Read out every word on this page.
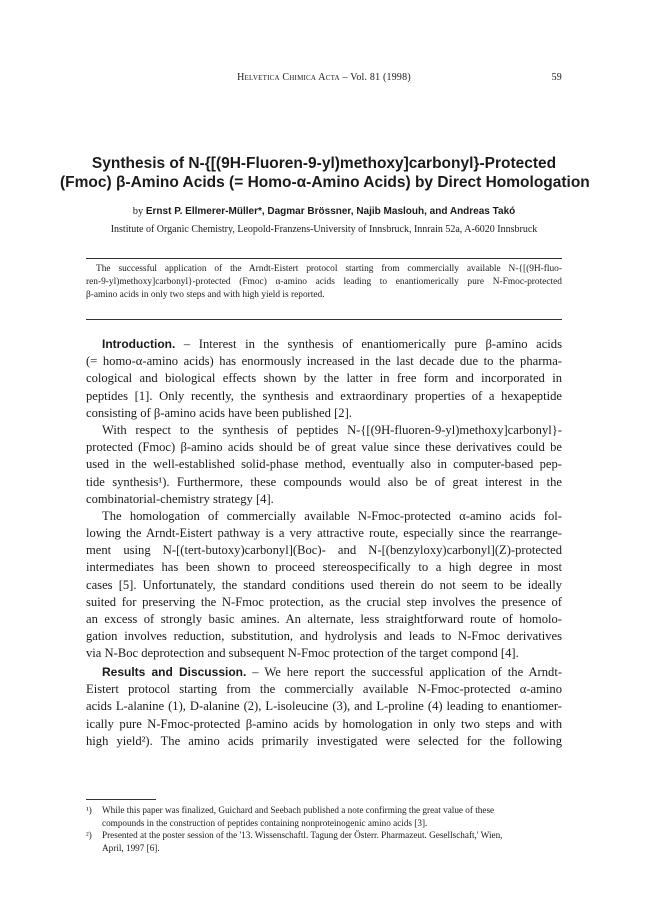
Helvetica Chimica Acta – Vol. 81 (1998)	59
Synthesis of N-{[(9H-Fluoren-9-yl)methoxy]carbonyl}-Protected
(Fmoc) β-Amino Acids (= Homo-α-Amino Acids) by Direct Homologation
by Ernst P. Ellmerer-Müller*, Dagmar Brössner, Najib Maslouh, and Andreas Takó
Institute of Organic Chemistry, Leopold-Franzens-University of Innsbruck, Innrain 52a, A-6020 Innsbruck
The successful application of the Arndt-Eistert protocol starting from commercially available N-{[(9H-fluo-
ren-9-yl)methoxy]carbonyl}-protected (Fmoc) α-amino acids leading to enantiomerically pure N-Fmoc-protected
β-amino acids in only two steps and with high yield is reported.
Introduction. – Interest in the synthesis of enantiomerically pure β-amino acids
(= homo-α-amino acids) has enormously increased in the last decade due to the pharma-
cological and biological effects shown by the latter in free form and incorporated in
peptides [1]. Only recently, the synthesis and extraordinary properties of a hexapeptide
consisting of β-amino acids have been published [2].
With respect to the synthesis of peptides N-{[(9H-fluoren-9-yl)methoxy]carbonyl}-
protected (Fmoc) β-amino acids should be of great value since these derivatives could be
used in the well-established solid-phase method, eventually also in computer-based pep-
tide synthesis¹). Furthermore, these compounds would also be of great interest in the
combinatorial-chemistry strategy [4].
The homologation of commercially available N-Fmoc-protected α-amino acids fol-
lowing the Arndt-Eistert pathway is a very attractive route, especially since the rearrange-
ment using N-[(tert-butoxy)carbonyl](Boc)- and N-[(benzyloxy)carbonyl](Z)-protected
intermediates has been shown to proceed stereospecifically to a high degree in most
cases [5]. Unfortunately, the standard conditions used therein do not seem to be ideally
suited for preserving the N-Fmoc protection, as the crucial step involves the presence of
an excess of strongly basic amines. An alternate, less straightforward route of homolo-
gation involves reduction, substitution, and hydrolysis and leads to N-Fmoc derivatives
via N-Boc deprotection and subsequent N-Fmoc protection of the target compond [4].
Results and Discussion. – We here report the successful application of the Arndt-
Eistert protocol starting from the commercially available N-Fmoc-protected α-amino
acids L-alanine (1), D-alanine (2), L-isoleucine (3), and L-proline (4) leading to enantiomer-
ically pure N-Fmoc-protected β-amino acids by homologation in only two steps and with
high yield²). The amino acids primarily investigated were selected for the following
¹) While this paper was finalized, Guichard and Seebach published a note confirming the great value of these
compounds in the construction of peptides containing nonproteinogenic amino acids [3].
²) Presented at the poster session of the '13. Wissenschaftl. Tagung der Österr. Pharmazeut. Gesellschaft,' Wien,
April, 1997 [6].
